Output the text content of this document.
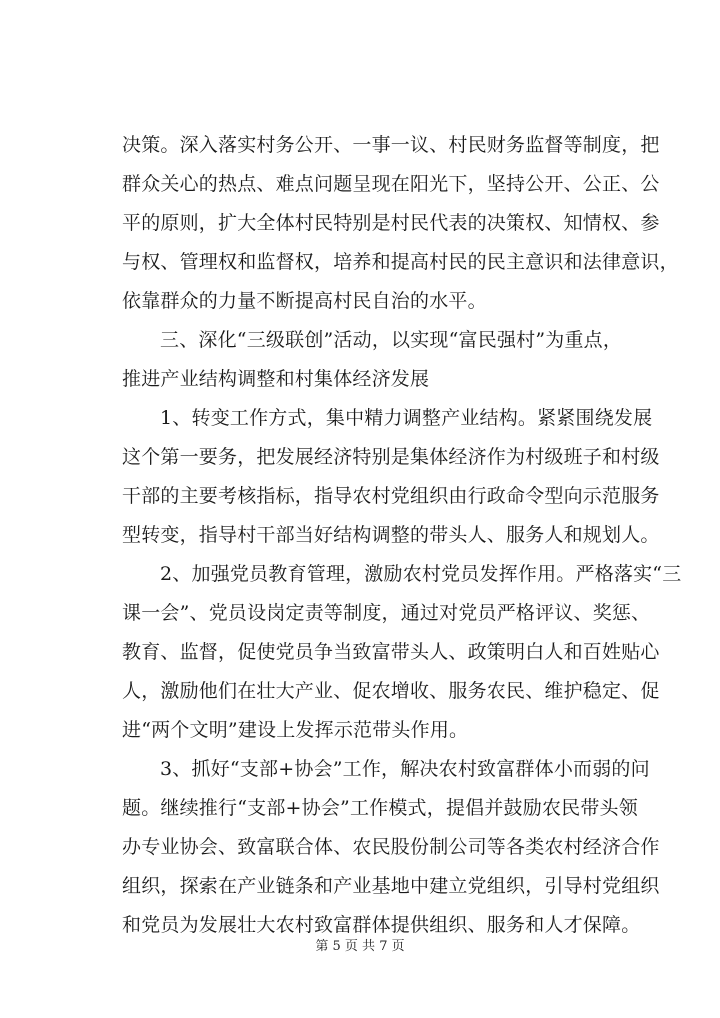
决策。深入落实村务公开、一事一议、村民财务监督等制度，把
群众关心的热点、难点问题呈现在阳光下，坚持公开、公正、公
平的原则，扩大全体村民特别是村民代表的决策权、知情权、参
与权、管理权和监督权，培养和提高村民的民主意识和法律意识，
依靠群众的力量不断提高村民自治的水平。
三、深化“三级联创”活动，以实现“富民强村”为重点，
推进产业结构调整和村集体经济发展
1、转变工作方式，集中精力调整产业结构。紧紧围绕发展
这个第一要务，把发展经济特别是集体经济作为村级班子和村级
干部的主要考核指标，指导农村党组织由行政命令型向示范服务
型转变，指导村干部当好结构调整的带头人、服务人和规划人。
2、加强党员教育管理，激励农村党员发挥作用。严格落实“三
课一会”、党员设岗定责等制度，通过对党员严格评议、奖惩、
教育、监督，促使党员争当致富带头人、政策明白人和百姓贴心
人，激励他们在壮大产业、促农增收、服务农民、维护稳定、促
进“两个文明”建设上发挥示范带头作用。
3、抓好“支部+协会”工作，解决农村致富群体小而弱的问
题。继续推行“支部+协会”工作模式，提倡并鼓励农民带头领
办专业协会、致富联合体、农民股份制公司等各类农村经济合作
组织，探索在产业链条和产业基地中建立党组织，引导村党组织
和党员为发展壮大农村致富群体提供组织、服务和人才保障。
第 5 页 共 7 页
